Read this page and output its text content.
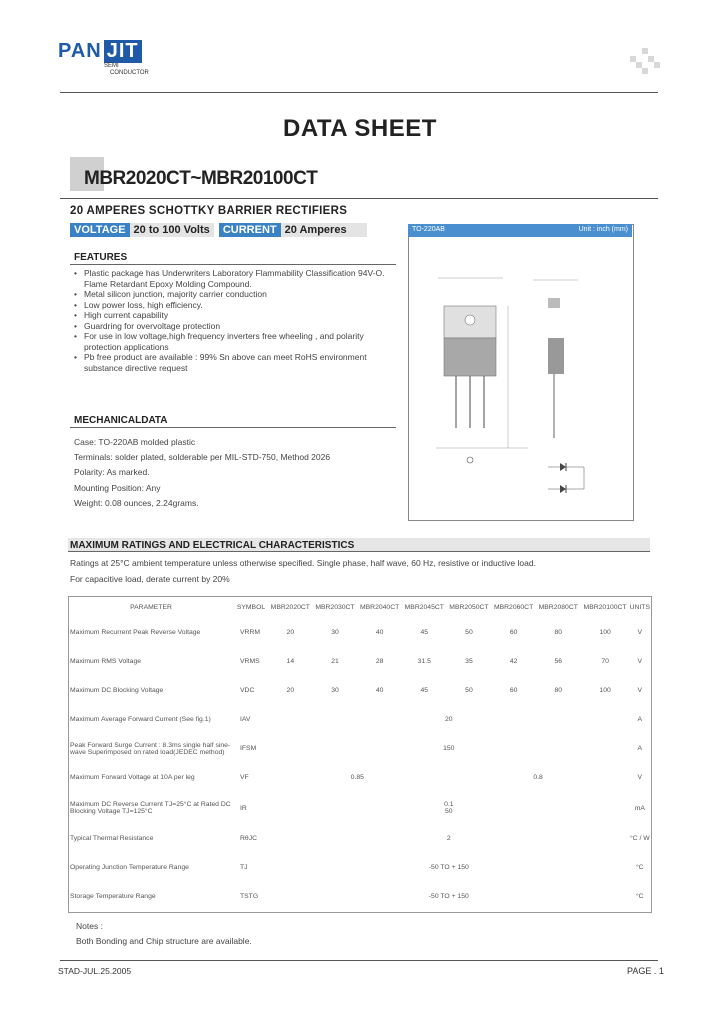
PAN JIT
SEMI
CONDUCTOR
DATA SHEET
MBR2020CT~MBR20100CT
20 AMPERES SCHOTTKY BARRIER RECTIFIERS
VOLTAGE 20 to 100 Volts CURRENT 20 Amperes	TO-220AB	Unit : inch (mm)
FEATURES
• Plastic package has Underwriters Laboratory Flammability Classification 94V-O. Flame Retardant Epoxy Molding Compound.
• Metal silicon junction, majority carrier conduction
• Low power loss, high efficiency.
• High current capability
• Guardring for overvoltage protection
• For use in low voltage,high frequency inverters free wheeling , and polarity protection applications
• Pb free product are available : 99% Sn above can meet RoHS environment substance directive request
MECHANICALDATA
Case: TO-220AB molded plastic
Terminals: solder plated, solderable per MIL-STD-750, Method 2026
Polarity: As marked.
Mounting Position: Any
Weight: 0.08 ounces, 2.24grams.
MAXIMUM RATINGS AND ELECTRICAL CHARACTERISTICS
Ratings at 25°C ambient temperature unless otherwise specified. Single phase, half wave, 60 Hz, resistive or inductive load.
For capacitive load, derate current by 20%
PARAMETER	SYMBOL	MBR2020CT	MBR2030CT	MBR2040CT	MBR2045CT	MBR2050CT	MBR2060CT	MBR2080CT	MBR20100CT	UNITS
Maximum Recurrent Peak Reverse Voltage	VRRM	20	30	40	45	50	60	80	100	V
Maximum RMS Voltage	VRMS	14	21	28	31.5	35	42	56	70	V
Maximum DC Blocking Voltage	VDC	20	30	40	45	50	60	80	100	V
Maximum Average Forward Current (See fig.1)	IAV	20								A
Peak Forward Surge Current : 8.3ms single half sine-wave Superimposed on rated load(JEDEC method)	IFSM	150								A
Maximum Forward Voltage at 10A per leg	VF	0.85				0.8				V
Maximum DC Reverse Current TJ=25°C at Rated DC Blocking Voltage TJ=125°C	IR	0.1
50								mA
Typical Thermal Resistance	RθJC	2								°C / W
Operating Junction Temperature Range	TJ	-50 TO + 150								°C
Storage Temperature Range	TSTG	-50 TO + 150								°C
Notes :
Both Bonding and Chip structure are available.
STAD-JUL.25.2005	PAGE . 1
